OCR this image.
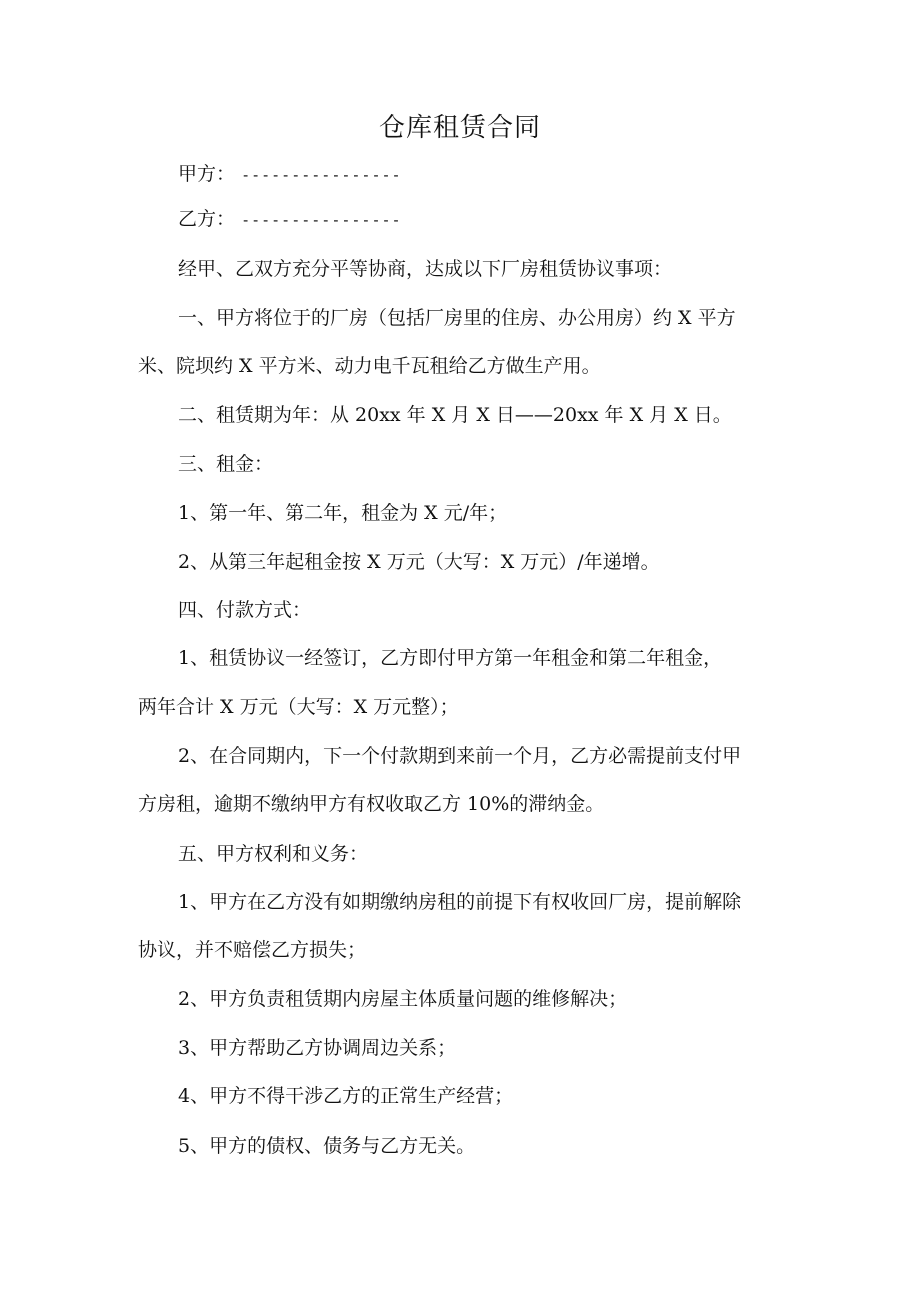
仓库租赁合同
甲方： ----------------
乙方： ----------------
经甲、乙双方充分平等协商，达成以下厂房租赁协议事项：
一、甲方将位于的厂房（包括厂房里的住房、办公用房）约 X 平方
米、院坝约 X 平方米、动力电千瓦租给乙方做生产用。
二、租赁期为年：从 20xx 年 X 月 X 日——20xx 年 X 月 X 日。
三、租金：
1、第一年、第二年，租金为 X 元/年；
2、从第三年起租金按 X 万元（大写：X 万元）/年递增。
四、付款方式：
1、租赁协议一经签订，乙方即付甲方第一年租金和第二年租金，
两年合计 X 万元（大写：X 万元整）；
2、在合同期内，下一个付款期到来前一个月，乙方必需提前支付甲
方房租，逾期不缴纳甲方有权收取乙方 10%的滞纳金。
五、甲方权利和义务：
1、甲方在乙方没有如期缴纳房租的前提下有权收回厂房，提前解除
协议，并不赔偿乙方损失；
2、甲方负责租赁期内房屋主体质量问题的维修解决；
3、甲方帮助乙方协调周边关系；
4、甲方不得干涉乙方的正常生产经营；
5、甲方的债权、债务与乙方无关。
